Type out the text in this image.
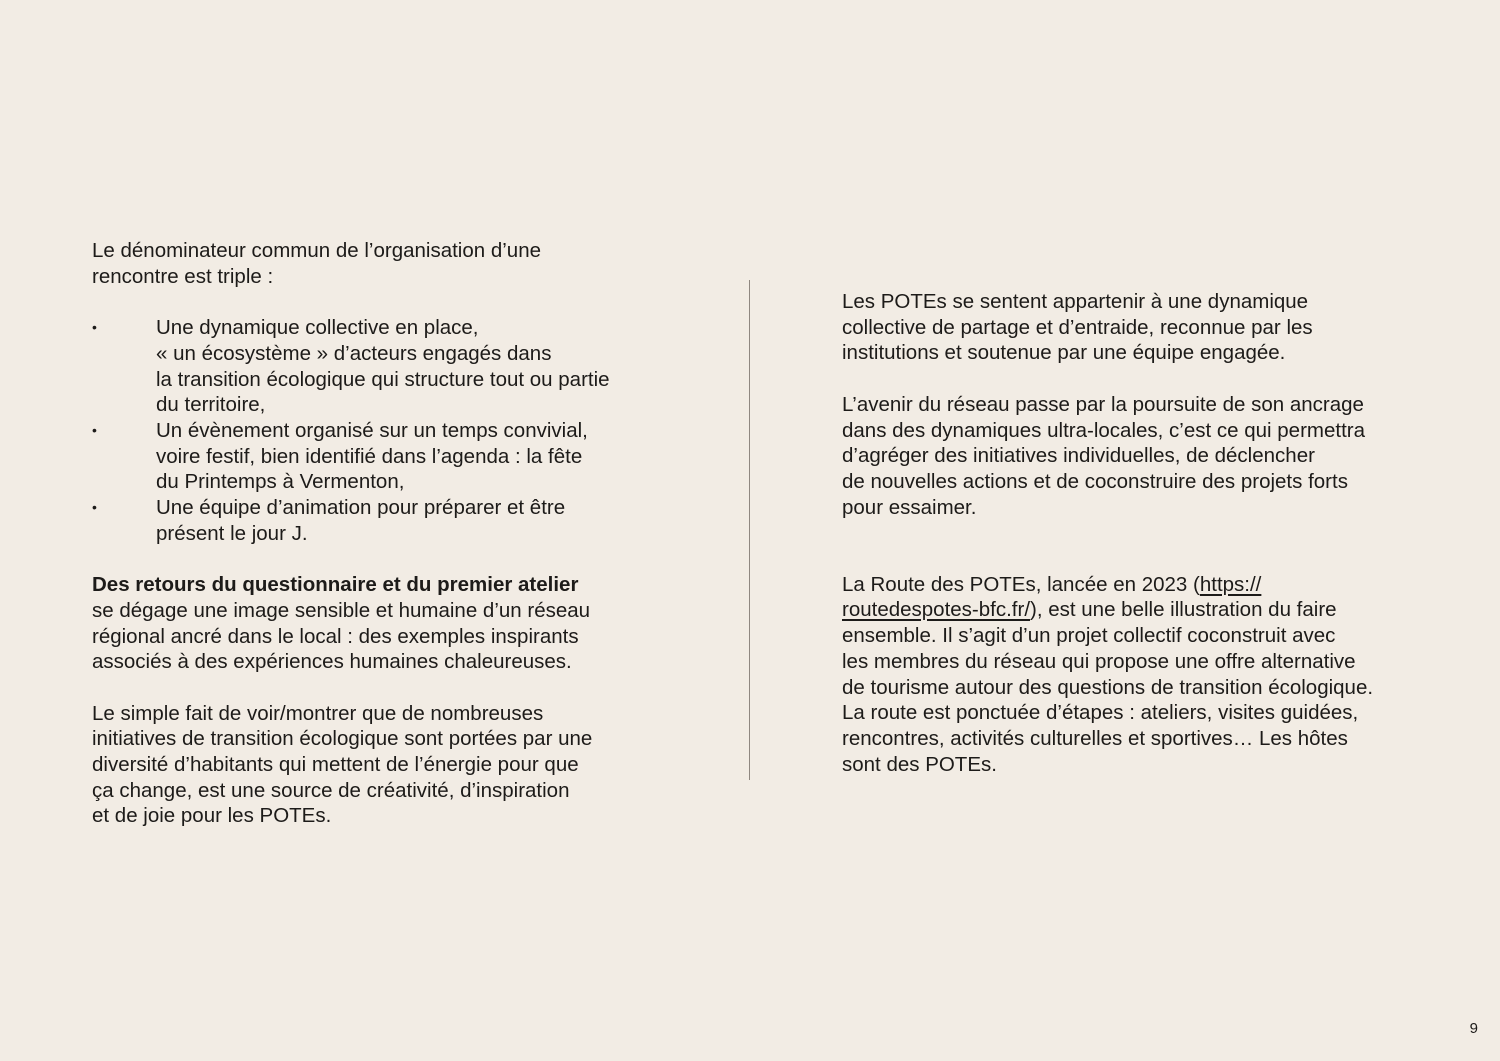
Le dénominateur commun de l’organisation d’une
rencontre est triple :
•	Une dynamique collective en place,
« un écosystème » d’acteurs engagés dans
la transition écologique qui structure tout ou partie
du territoire,
•	Un évènement organisé sur un temps convivial,
voire festif, bien identifié dans l’agenda : la fête
du Printemps à Vermenton,
•	Une équipe d’animation pour préparer et être
présent le jour J.
Des retours du questionnaire et du premier atelier
se dégage une image sensible et humaine d’un réseau
régional ancré dans le local : des exemples inspirants
associés à des expériences humaines chaleureuses.
Le simple fait de voir/montrer que de nombreuses
initiatives de transition écologique sont portées par une
diversité d’habitants qui mettent de l’énergie pour que
ça change, est une source de créativité, d’inspiration
et de joie pour les POTEs.
Les POTEs se sentent appartenir à une dynamique
collective de partage et d’entraide, reconnue par les
institutions et soutenue par une équipe engagée.
L’avenir du réseau passe par la poursuite de son ancrage
dans des dynamiques ultra-locales, c’est ce qui permettra
d’agréger des initiatives individuelles, de déclencher
de nouvelles actions et de coconstruire des projets forts
pour essaimer.
La Route des POTEs, lancée en 2023 (https://
routedespotes-bfc.fr/), est une belle illustration du faire
ensemble. Il s’agit d’un projet collectif coconstruit avec
les membres du réseau qui propose une offre alternative
de tourisme autour des questions de transition écologique.
La route est ponctuée d’étapes : ateliers, visites guidées,
rencontres, activités culturelles et sportives… Les hôtes
sont des POTEs.
9
